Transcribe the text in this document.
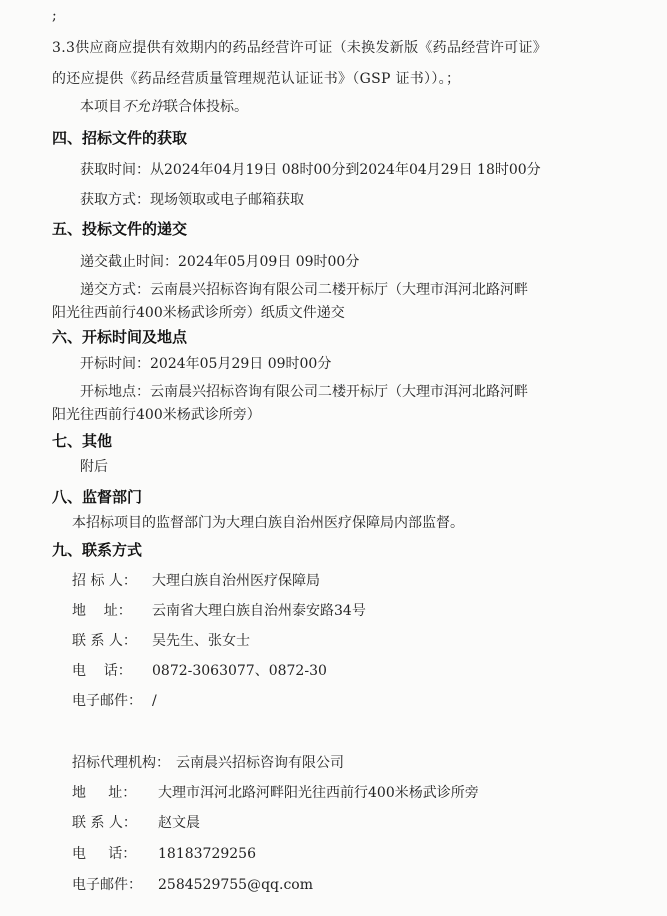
;
3.3供应商应提供有效期内的药品经营许可证（未换发新版《药品经营许可证》
的还应提供《药品经营质量管理规范认证证书》（GSP 证书））。；
本项目不允许联合体投标。
四、招标文件的获取
获取时间：从2024年04月19日 08时00分到2024年04月29日 18时00分
获取方式：现场领取或电子邮箱获取
五、投标文件的递交
递交截止时间：2024年05月09日 09时00分
递交方式：云南晨兴招标咨询有限公司二楼开标厅（大理市洱河北路河畔
阳光往西前行400米杨武诊所旁）纸质文件递交
六、开标时间及地点
开标时间：2024年05月29日 09时00分
开标地点：云南晨兴招标咨询有限公司二楼开标厅（大理市洱河北路河畔
阳光往西前行400米杨武诊所旁）
七、其他
附后
八、监督部门
本招标项目的监督部门为大理白族自治州医疗保障局内部监督。
九、联系方式
招 标 人： 大理白族自治州医疗保障局
地    址： 云南省大理白族自治州泰安路34号
联 系 人： 吴先生、张女士
电    话： 0872-3063077、0872-30
电子邮件： /
招标代理机构： 云南晨兴招标咨询有限公司
地     址： 大理市洱河北路河畔阳光往西前行400米杨武诊所旁
联 系 人： 赵文晨
电     话： 18183729256
电子邮件： 2584529755@qq.com
